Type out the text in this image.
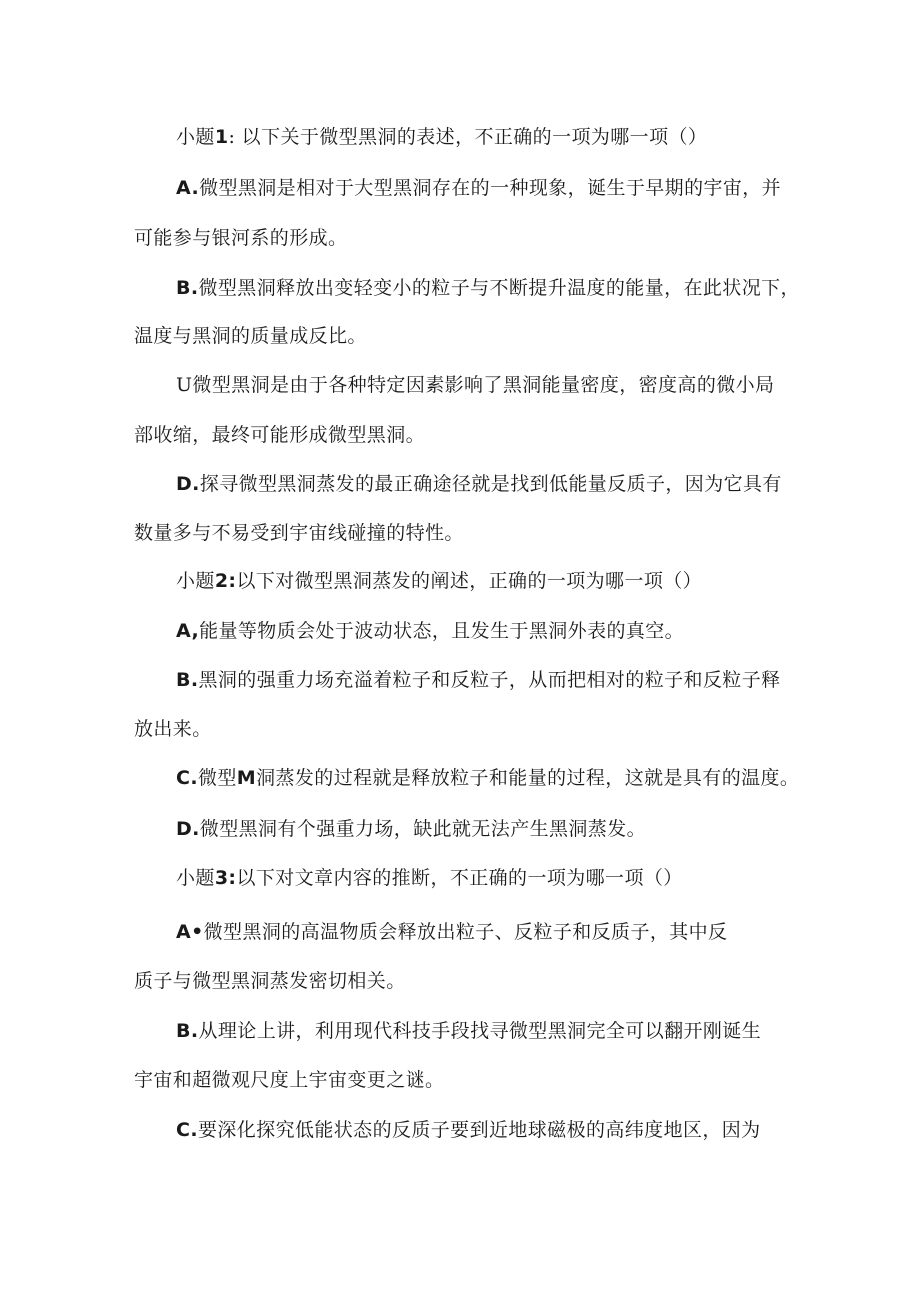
小题1: 以下关于微型黑洞的表述，不正确的一项为哪一项（）
A.微型黑洞是相对于大型黑洞存在的一种现象，诞生于早期的宇宙，并
可能参与银河系的形成。
B.微型黑洞释放出变轻变小的粒子与不断提升温度的能量，在此状况下，
温度与黑洞的质量成反比。
U微型黑洞是由于各种特定因素影响了黑洞能量密度，密度高的微小局
部收缩，最终可能形成微型黑洞。
D.探寻微型黑洞蒸发的最正确途径就是找到低能量反质子，因为它具有
数量多与不易受到宇宙线碰撞的特性。
小题2:以下对微型黑洞蒸发的阐述，正确的一项为哪一项（）
A,能量等物质会处于波动状态，且发生于黑洞外表的真空。
B.黑洞的强重力场充溢着粒子和反粒子，从而把相对的粒子和反粒子释
放出来。
C.微型M洞蒸发的过程就是释放粒子和能量的过程，这就是具有的温度。
D.微型黑洞有个强重力场，缺此就无法产生黑洞蒸发。
小题3:以下对文章内容的推断，不正确的一项为哪一项（）
A•微型黑洞的高温物质会释放出粒子、反粒子和反质子，其中反
质子与微型黑洞蒸发密切相关。
B.从理论上讲，利用现代科技手段找寻微型黑洞完全可以翻开刚诞生
宇宙和超微观尺度上宇宙变更之谜。
C.要深化探究低能状态的反质子要到近地球磁极的高纬度地区，因为
